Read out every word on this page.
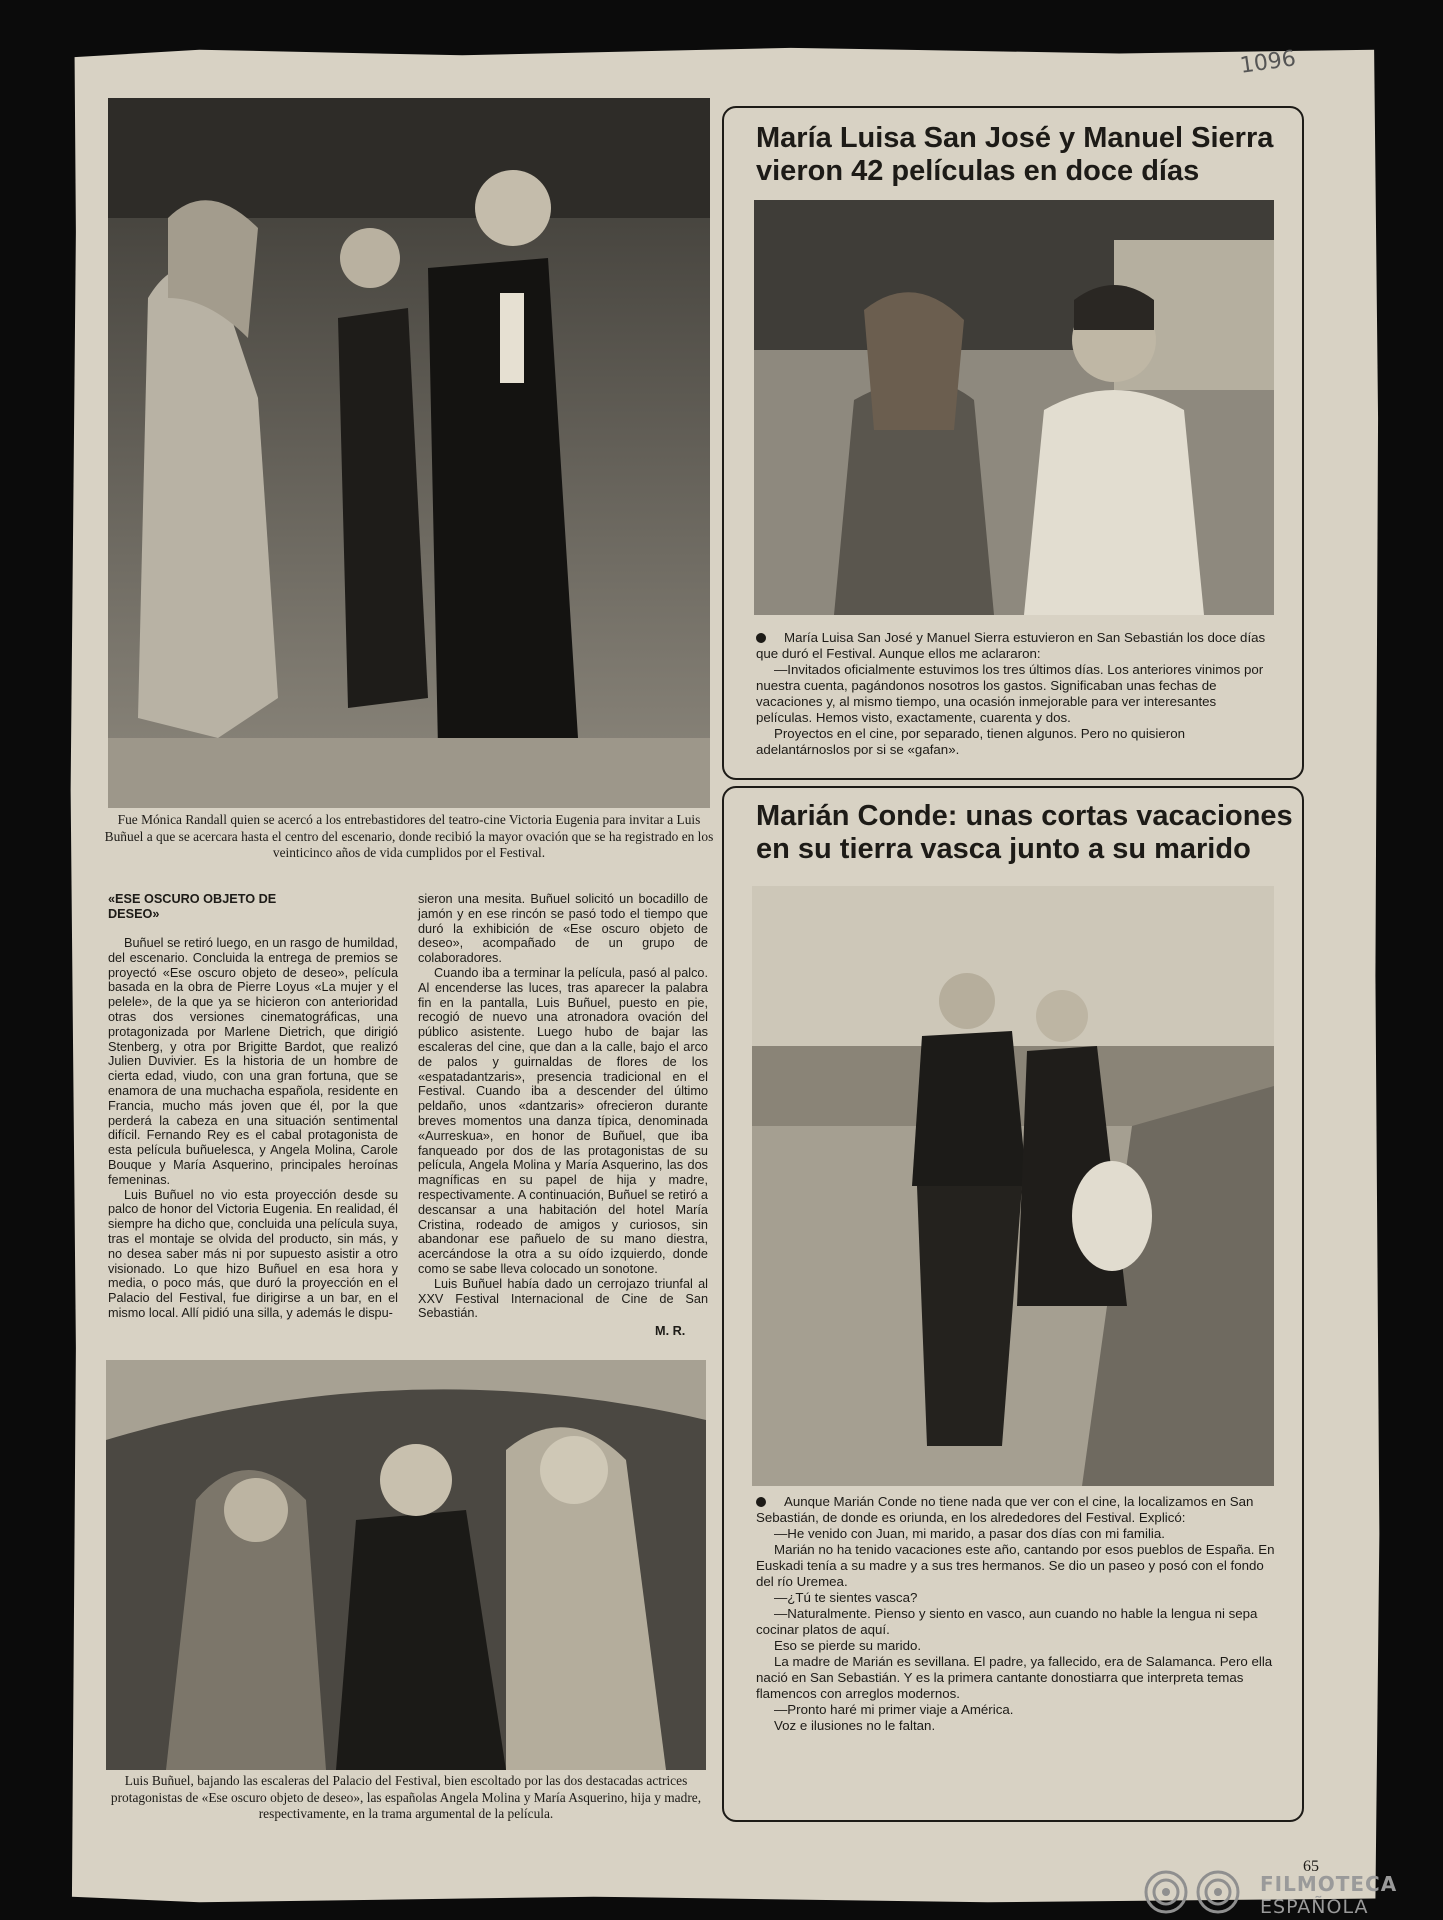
1096
Fue Mónica Randall quien se acercó a los entrebastidores del teatro-cine Victoria Eugenia para invitar a Luis Buñuel a que se acercara hasta el centro del escenario, donde recibió la mayor ovación que se ha registrado en los veinticinco años de vida cumplidos por el Festival.
«ESE OSCURO OBJETO DE DESEO»

Buñuel se retiró luego, en un rasgo de humildad, del escenario. Concluida la entrega de premios se proyectó «Ese oscuro objeto de deseo», película basada en la obra de Pierre Loyus «La mujer y el pelele», de la que ya se hicieron con anterioridad otras dos versiones cinematográficas, una protagonizada por Marlene Dietrich, que dirigió Stenberg, y otra por Brigitte Bardot, que realizó Julien Duvivier. Es la historia de un hombre de cierta edad, viudo, con una gran fortuna, que se enamora de una muchacha española, residente en Francia, mucho más joven que él, por la que perderá la cabeza en una situación sentimental difícil. Fernando Rey es el cabal protagonista de esta película buñuelesca, y Angela Molina, Carole Bouque y María Asquerino, principales heroínas femeninas.

Luis Buñuel no vio esta proyección desde su palco de honor del Victoria Eugenia. En realidad, él siempre ha dicho que, concluida una película suya, tras el montaje se olvida del producto, sin más, y no desea saber más ni por supuesto asistir a otro visionado. Lo que hizo Buñuel en esa hora y media, o poco más, que duró la proyección en el Palacio del Festival, fue dirigirse a un bar, en el mismo local. Allí pidió una silla, y además le dispu-

sieron una mesita. Buñuel solicitó un bocadillo de jamón y en ese rincón se pasó todo el tiempo que duró la exhibición de «Ese oscuro objeto de deseo», acompañado de un grupo de colaboradores.

Cuando iba a terminar la película, pasó al palco. Al encenderse las luces, tras aparecer la palabra fin en la pantalla, Luis Buñuel, puesto en pie, recogió de nuevo una atronadora ovación del público asistente. Luego hubo de bajar las escaleras del cine, que dan a la calle, bajo el arco de palos y guirnaldas de flores de los «espatadantzaris», presencia tradicional en el Festival. Cuando iba a descender del último peldaño, unos «dantzaris» ofrecieron durante breves momentos una danza típica, denominada «Aurreskua», en honor de Buñuel, que iba fanqueado por dos de las protagonistas de su película, Angela Molina y María Asquerino, las dos magníficas en su papel de hija y madre, respectivamente. A continuación, Buñuel se retiró a descansar a una habitación del hotel María Cristina, rodeado de amigos y curiosos, sin abandonar ese pañuelo de su mano diestra, acercándose la otra a su oído izquierdo, donde como se sabe lleva colocado un sonotone.

Luis Buñuel había dado un cerrojazo triunfal al XXV Festival Internacional de Cine de San Sebastián.

M. R.
Luis Buñuel, bajando las escaleras del Palacio del Festival, bien escoltado por las dos destacadas actrices protagonistas de «Ese oscuro objeto de deseo», las españolas Angela Molina y María Asquerino, hija y madre, respectivamente, en la trama argumental de la película.
María Luisa San José y Manuel Sierra
vieron 42 películas en doce días

María Luisa San José y Manuel Sierra estuvieron en San Sebastián los doce días que duró el Festival. Aunque ellos me aclararon:

—Invitados oficialmente estuvimos los tres últimos días. Los anteriores vinimos por nuestra cuenta, pagándonos nosotros los gastos. Significaban unas fechas de vacaciones y, al mismo tiempo, una ocasión inmejorable para ver interesantes películas. Hemos visto, exactamente, cuarenta y dos.

Proyectos en el cine, por separado, tienen algunos. Pero no quisieron adelantárnoslos por si se «gafan».

Marián Conde: unas cortas vacaciones
en su tierra vasca junto a su marido

Aunque Marián Conde no tiene nada que ver con el cine, la localizamos en San Sebastián, de donde es oriunda, en los alrededores del Festival. Explicó:

—He venido con Juan, mi marido, a pasar dos días con mi familia.

Marián no ha tenido vacaciones este año, cantando por esos pueblos de España. En Euskadi tenía a su madre y a sus tres hermanos. Se dio un paseo y posó con el fondo del río Uremea.

—¿Tú te sientes vasca?

—Naturalmente. Pienso y siento en vasco, aun cuando no hable la lengua ni sepa cocinar platos de aquí.

Eso se pierde su marido.

La madre de Marián es sevillana. El padre, ya fallecido, era de Salamanca. Pero ella nació en San Sebastián. Y es la primera cantante donostiarra que interpreta temas flamencos con arreglos modernos.

—Pronto haré mi primer viaje a América.

Voz e ilusiones no le faltan.

65
FILMOTECA
ESPAÑOLA
